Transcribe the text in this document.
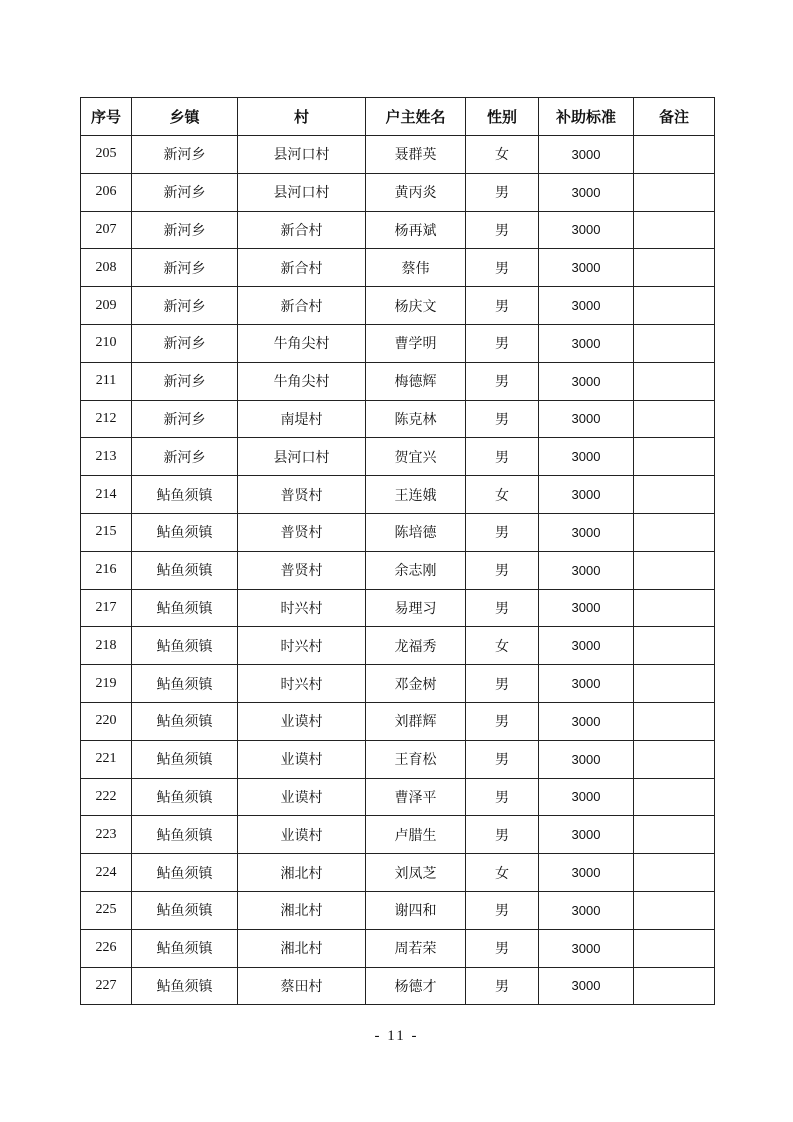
序号	乡镇	村	户主姓名	性别	补助标准	备注
205	新河乡	县河口村	聂群英	女	3000	
206	新河乡	县河口村	黄丙炎	男	3000	
207	新河乡	新合村	杨再斌	男	3000	
208	新河乡	新合村	蔡伟	男	3000	
209	新河乡	新合村	杨庆文	男	3000	
210	新河乡	牛角尖村	曹学明	男	3000	
211	新河乡	牛角尖村	梅德辉	男	3000	
212	新河乡	南堤村	陈克林	男	3000	
213	新河乡	县河口村	贺宜兴	男	3000	
214	鲇鱼须镇	普贤村	王连娥	女	3000	
215	鲇鱼须镇	普贤村	陈培德	男	3000	
216	鲇鱼须镇	普贤村	余志刚	男	3000	
217	鲇鱼须镇	时兴村	易理习	男	3000	
218	鲇鱼须镇	时兴村	龙福秀	女	3000	
219	鲇鱼须镇	时兴村	邓金树	男	3000	
220	鲇鱼须镇	业谟村	刘群辉	男	3000	
221	鲇鱼须镇	业谟村	王育松	男	3000	
222	鲇鱼须镇	业谟村	曹泽平	男	3000	
223	鲇鱼须镇	业谟村	卢腊生	男	3000	
224	鲇鱼须镇	湘北村	刘凤芝	女	3000	
225	鲇鱼须镇	湘北村	谢四和	男	3000	
226	鲇鱼须镇	湘北村	周若荣	男	3000	
227	鲇鱼须镇	蔡田村	杨德才	男	3000	
- 11 -
